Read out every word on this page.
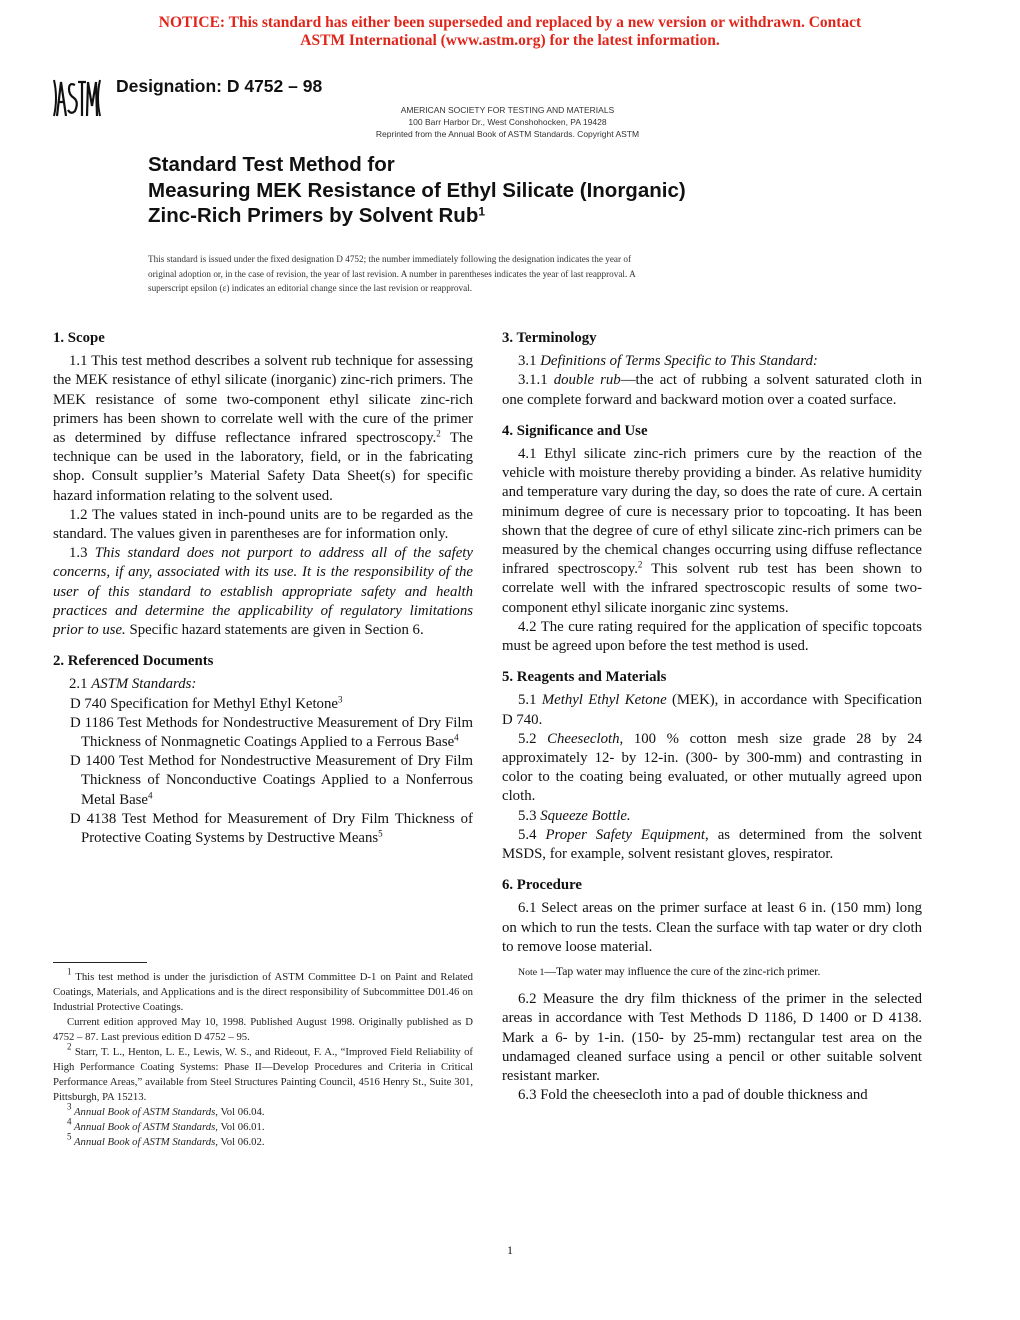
NOTICE: This standard has either been superseded and replaced by a new version or withdrawn. Contact
ASTM International (www.astm.org) for the latest information.
Designation: D 4752 – 98
AMERICAN SOCIETY FOR TESTING AND MATERIALS
100 Barr Harbor Dr., West Conshohocken, PA 19428
Reprinted from the Annual Book of ASTM Standards. Copyright ASTM
Standard Test Method for
Measuring MEK Resistance of Ethyl Silicate (Inorganic)
Zinc-Rich Primers by Solvent Rub$^1$
This standard is issued under the fixed designation D 4752; the number immediately following the designation indicates the year of
original adoption or, in the case of revision, the year of last revision. A number in parentheses indicates the year of last reapproval. A
superscript epsilon (ε) indicates an editorial change since the last revision or reapproval.
1. Scope
1.1 This test method describes a solvent rub technique for assessing the MEK resistance of ethyl silicate (inorganic) zinc-rich primers. The MEK resistance of some two-component ethyl silicate zinc-rich primers has been shown to correlate well with the cure of the primer as determined by diffuse reflectance infrared spectroscopy.$^2$ The technique can be used in the laboratory, field, or in the fabricating shop. Consult supplier’s Material Safety Data Sheet(s) for specific hazard information relating to the solvent used.
1.2 The values stated in inch-pound units are to be regarded as the standard. The values given in parentheses are for information only.
1.3 This standard does not purport to address all of the safety concerns, if any, associated with its use. It is the responsibility of the user of this standard to establish appropriate safety and health practices and determine the applicability of regulatory limitations prior to use. Specific hazard statements are given in Section 6.
2. Referenced Documents
2.1 ASTM Standards:
D 740 Specification for Methyl Ethyl Ketone$^3$
D 1186 Test Methods for Nondestructive Measurement of Dry Film Thickness of Nonmagnetic Coatings Applied to a Ferrous Base$^4$
D 1400 Test Method for Nondestructive Measurement of Dry Film Thickness of Nonconductive Coatings Applied to a Nonferrous Metal Base$^4$
D 4138 Test Method for Measurement of Dry Film Thickness of Protective Coating Systems by Destructive Means$^5$
$^1$ This test method is under the jurisdiction of ASTM Committee D-1 on Paint and Related Coatings, Materials, and Applications and is the direct responsibility of Subcommittee D01.46 on Industrial Protective Coatings.
Current edition approved May 10, 1998. Published August 1998. Originally published as D 4752 – 87. Last previous edition D 4752 – 95.
$^2$ Starr, T. L., Henton, L. E., Lewis, W. S., and Rideout, F. A., “Improved Field Reliability of High Performance Coating Systems: Phase II—Develop Procedures and Criteria in Critical Performance Areas,” available from Steel Structures Painting Council, 4516 Henry St., Suite 301, Pittsburgh, PA 15213.
$^3$ Annual Book of ASTM Standards, Vol 06.04.
$^4$ Annual Book of ASTM Standards, Vol 06.01.
$^5$ Annual Book of ASTM Standards, Vol 06.02.
3. Terminology
3.1 Definitions of Terms Specific to This Standard:
3.1.1 double rub—the act of rubbing a solvent saturated cloth in one complete forward and backward motion over a coated surface.
4. Significance and Use
4.1 Ethyl silicate zinc-rich primers cure by the reaction of the vehicle with moisture thereby providing a binder. As relative humidity and temperature vary during the day, so does the rate of cure. A certain minimum degree of cure is necessary prior to topcoating. It has been shown that the degree of cure of ethyl silicate zinc-rich primers can be measured by the chemical changes occurring using diffuse reflectance infrared spectroscopy.$^2$ This solvent rub test has been shown to correlate well with the infrared spectroscopic results of some two-component ethyl silicate inorganic zinc systems.
4.2 The cure rating required for the application of specific topcoats must be agreed upon before the test method is used.
5. Reagents and Materials
5.1 Methyl Ethyl Ketone (MEK), in accordance with Specification D 740.
5.2 Cheesecloth, 100 % cotton mesh size grade 28 by 24 approximately 12- by 12-in. (300- by 300-mm) and contrasting in color to the coating being evaluated, or other mutually agreed upon cloth.
5.3 Squeeze Bottle.
5.4 Proper Safety Equipment, as determined from the solvent MSDS, for example, solvent resistant gloves, respirator.
6. Procedure
6.1 Select areas on the primer surface at least 6 in. (150 mm) long on which to run the tests. Clean the surface with tap water or dry cloth to remove loose material.
Note 1—Tap water may influence the cure of the zinc-rich primer.
6.2 Measure the dry film thickness of the primer in the selected areas in accordance with Test Methods D 1186, D 1400 or D 4138. Mark a 6- by 1-in. (150- by 25-mm) rectangular test area on the undamaged cleaned surface using a pencil or other suitable solvent resistant marker.
6.3 Fold the cheesecloth into a pad of double thickness and
1
